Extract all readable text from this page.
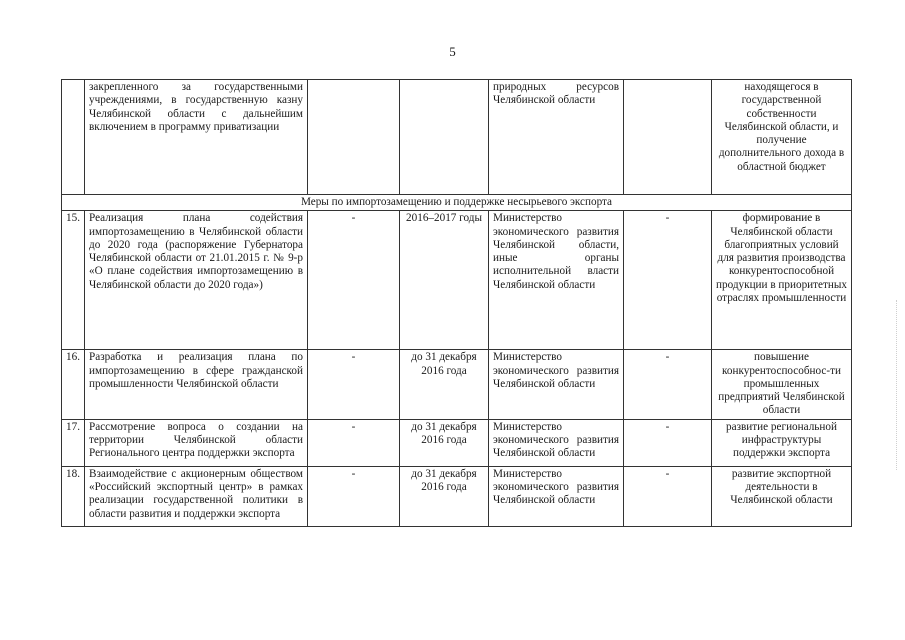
5
	закрепленного за государственными учреждениями, в государственную казну Челябинской области с дальнейшим включением в программу приватизации			природных ресурсов Челябинской области		находящегося в государственной собственности Челябинской области, и получение дополнительного дохода в областной бюджет
Меры по импортозамещению и поддержке несырьевого экспорта						
15.	Реализация плана содействия импортозамещению в Челябинской области до 2020 года (распоряжение Губернатора Челябинской области от 21.01.2015 г. № 9-р «О плане содействия импортозамещению в Челябинской области до 2020 года»)	-	2016–2017 годы	Министерство экономического развития Челябинской области, иные органы исполнительной власти Челябинской области	-	формирование в Челябинской области благоприятных условий для развития производства конкурентоспособной продукции в приоритетных отраслях промышленности
16.	Разработка и реализация плана по импортозамещению в сфере гражданской промышленности Челябинской области	-	до 31 декабря 2016 года	Министерство экономического развития Челябинской области	-	повышение конкурентоспособнос-ти промышленных предприятий Челябинской области
17.	Рассмотрение вопроса о создании на территории Челябинской области Регионального центра поддержки экспорта	-	до 31 декабря 2016 года	Министерство экономического развития Челябинской области	-	развитие региональной инфраструктуры поддержки экспорта
18.	Взаимодействие с акционерным обществом «Российский экспортный центр» в рамках реализации государственной политики в области развития и поддержки экспорта	-	до 31 декабря 2016 года	Министерство экономического развития Челябинской области	-	развитие экспортной деятельности в Челябинской области
